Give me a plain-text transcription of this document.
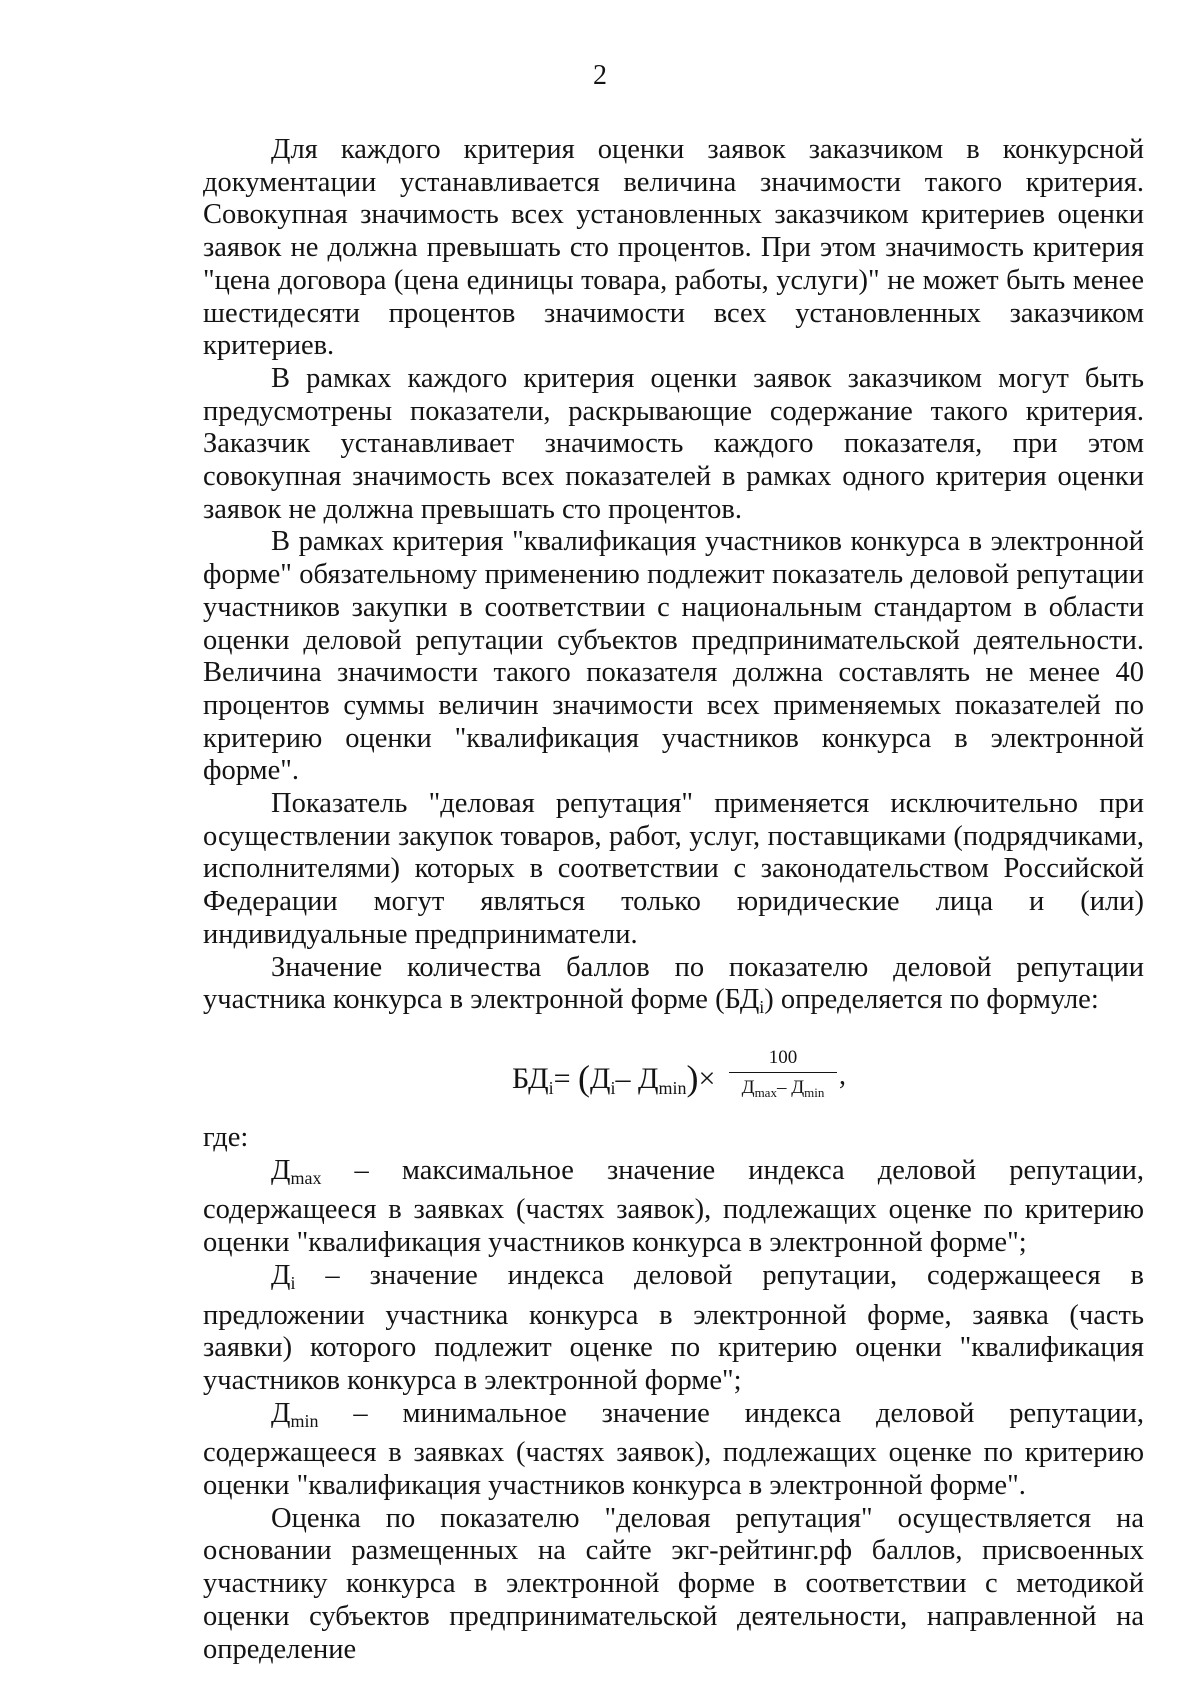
2

Для каждого критерия оценки заявок заказчиком в конкурсной документации устанавливается величина значимости такого критерия. Совокупная значимость всех установленных заказчиком критериев оценки заявок не должна превышать сто процентов. При этом значимость критерия "цена договора (цена единицы товара, работы, услуги)" не может быть менее шестидесяти процентов значимости всех установленных заказчиком критериев.

В рамках каждого критерия оценки заявок заказчиком могут быть предусмотрены показатели, раскрывающие содержание такого критерия. Заказчик устанавливает значимость каждого показателя, при этом совокупная значимость всех показателей в рамках одного критерия оценки заявок не должна превышать сто процентов.

В рамках критерия "квалификация участников конкурса в электронной форме" обязательному применению подлежит показатель деловой репутации участников закупки в соответствии с национальным стандартом в области оценки деловой репутации субъектов предпринимательской деятельности. Величина значимости такого показателя должна составлять не менее 40 процентов суммы величин значимости всех применяемых показателей по критерию оценки "квалификация участников конкурса в электронной форме".

Показатель "деловая репутация" применяется исключительно при осуществлении закупок товаров, работ, услуг, поставщиками (подрядчиками, исполнителями) которых в соответствии с законодательством Российской Федерации могут являться только юридические лица и (или) индивидуальные предприниматели.

Значение количества баллов по показателю деловой репутации участника конкурса в электронной форме $(БД_i)$ определяется по формуле:

$БД_i= (Д_i-$ $Д_{min})\times$
100
$Д_{max}-$ $Д_{min}$
,

где:

$Д_{max}$ – максимальное значение индекса деловой репутации, содержащееся в заявках (частях заявок), подлежащих оценке по критерию оценки "квалификация участников конкурса в электронной форме";

$Д_i$ – значение индекса деловой репутации, содержащееся в предложении участника конкурса в электронной форме, заявка (часть заявки) которого подлежит оценке по критерию оценки "квалификация участников конкурса в электронной форме";

$Д_{min}$ – минимальное значение индекса деловой репутации, содержащееся в заявках (частях заявок), подлежащих оценке по критерию оценки "квалификация участников конкурса в электронной форме".

Оценка по показателю "деловая репутация" осуществляется на основании размещенных на сайте экг-рейтинг.рф баллов, присвоенных участнику конкурса в электронной форме в соответствии с методикой оценки субъектов предпринимательской деятельности, направленной на определение
